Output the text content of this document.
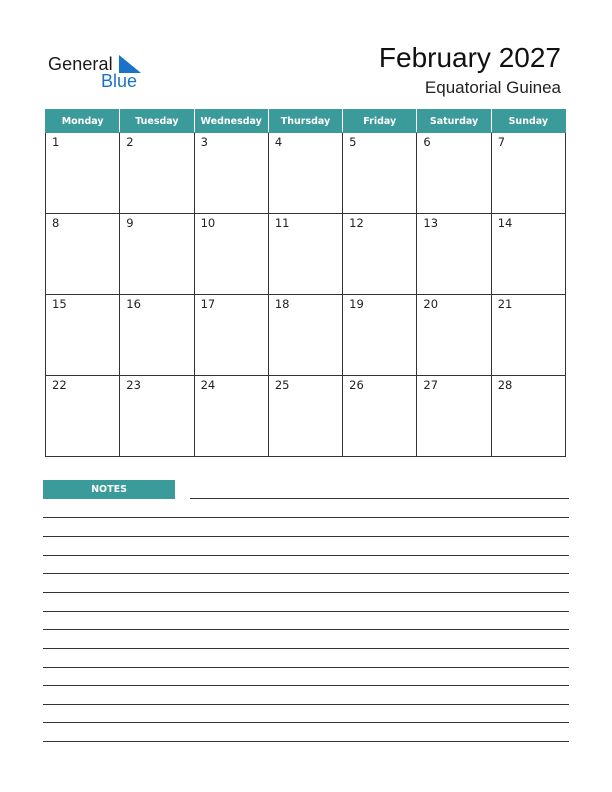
General
Blue
February 2027
Equatorial Guinea
Monday	Tuesday	Wednesday	Thursday	Friday	Saturday	Sunday

1	2	3	4	5	6	7

8	9	10	11	12	13	14

15	16	17	18	19	20	21

22	23	24	25	26	27	28
NOTES
